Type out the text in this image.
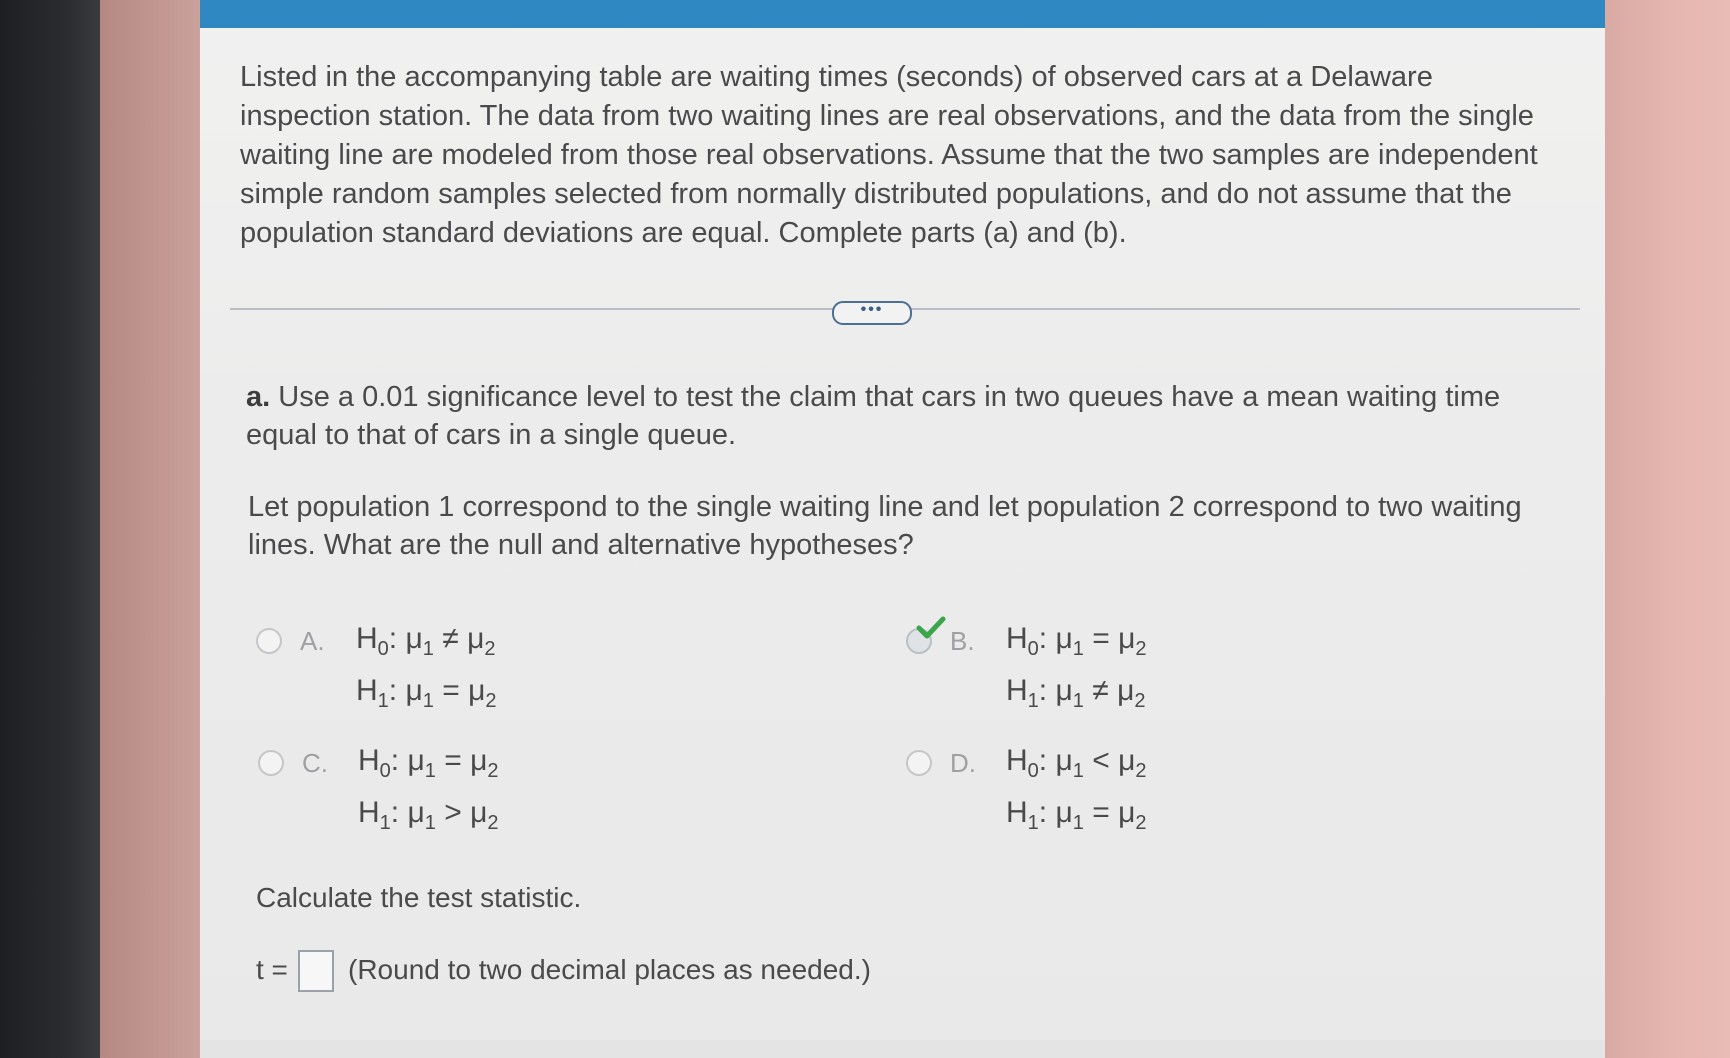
Listed in the accompanying table are waiting times (seconds) of observed cars at a Delaware inspection station. The data from two waiting lines are real observations, and the data from the single waiting line are modeled from those real observations. Assume that the two samples are independent simple random samples selected from normally distributed populations, and do not assume that the population standard deviations are equal. Complete parts (a) and (b).
•••
a. Use a 0.01 significance level to test the claim that cars in two queues have a mean waiting time equal to that of cars in a single queue.
Let population 1 correspond to the single waiting line and let population 2 correspond to two waiting lines. What are the null and alternative hypotheses?
A. $H_0$: $\mu_1 \ne \mu_2$
$H_1$: $\mu_1 = \mu_2$
B. $H_0$: $\mu_1 = \mu_2$
$H_1$: $\mu_1 \ne \mu_2$
C. $H_0$: $\mu_1 = \mu_2$
$H_1$: $\mu_1 > \mu_2$
D. $H_0$: $\mu_1 < \mu_2$
$H_1$: $\mu_1 = \mu_2$
Calculate the test statistic.
t = (Round to two decimal places as needed.)
